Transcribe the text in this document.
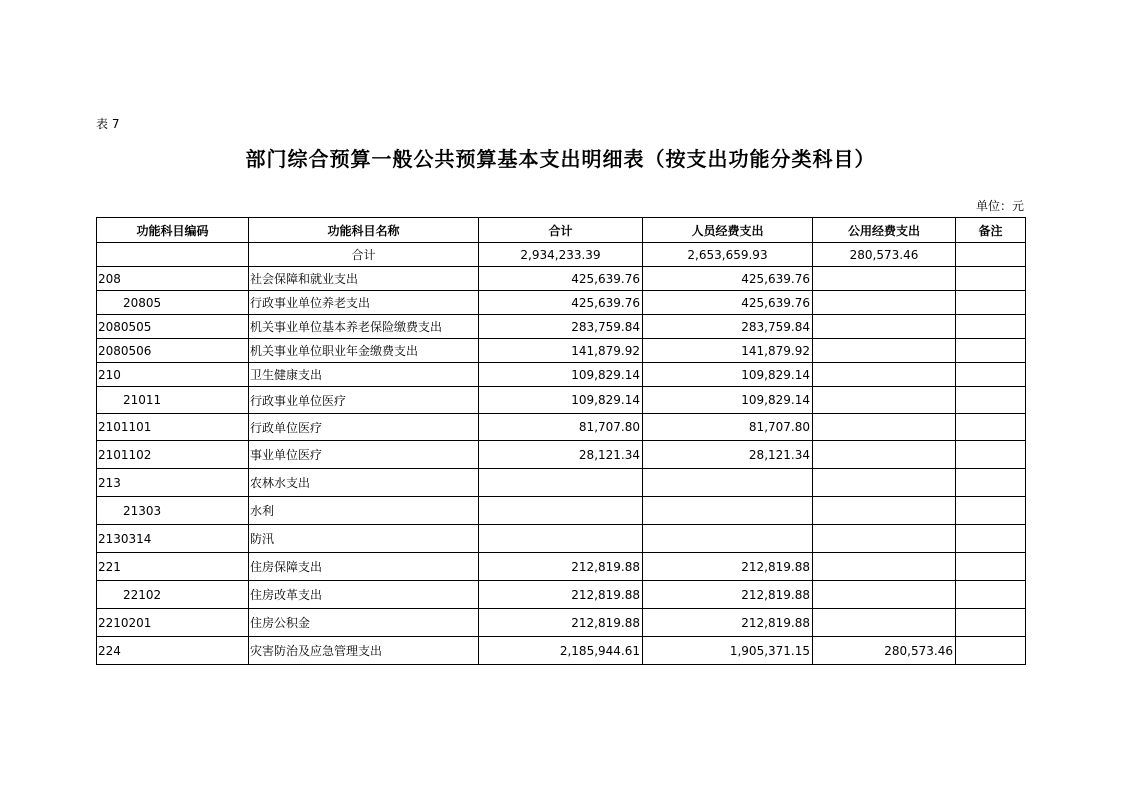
表 7
部门综合预算一般公共预算基本支出明细表（按支出功能分类科目）
单位：元
功能科目编码	功能科目名称	合计	人员经费支出	公用经费支出	备注
	合计	2,934,233.39	2,653,659.93	280,573.46	
208	社会保障和就业支出	425,639.76	425,639.76		
20805	行政事业单位养老支出	425,639.76	425,639.76		
2080505	机关事业单位基本养老保险缴费支出	283,759.84	283,759.84		
2080506	机关事业单位职业年金缴费支出	141,879.92	141,879.92		
210	卫生健康支出	109,829.14	109,829.14		
21011	行政事业单位医疗	109,829.14	109,829.14		
2101101	行政单位医疗	81,707.80	81,707.80		
2101102	事业单位医疗	28,121.34	28,121.34		
213	农林水支出				
21303	水利				
2130314	防汛				
221	住房保障支出	212,819.88	212,819.88		
22102	住房改革支出	212,819.88	212,819.88		
2210201	住房公积金	212,819.88	212,819.88		
224	灾害防治及应急管理支出	2,185,944.61	1,905,371.15	280,573.46	
